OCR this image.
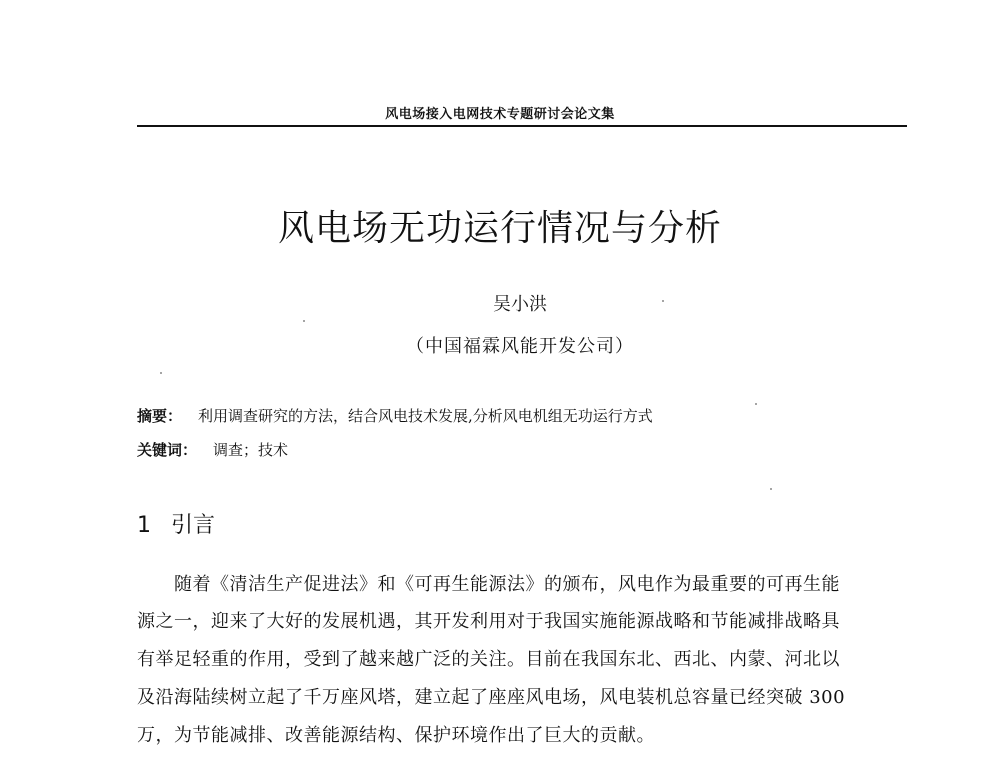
风电场接入电网技术专题研讨会论文集
风电场无功运行情况与分析
吴小洪
（中国福霖风能开发公司）
摘要： 利用调查研究的方法，结合风电技术发展,分析风电机组无功运行方式
关键词： 调查；技术
1 引言
随着《清洁生产促进法》和《可再生能源法》的颁布，风电作为最重要的可再生能
源之一，迎来了大好的发展机遇，其开发利用对于我国实施能源战略和节能减排战略具
有举足轻重的作用，受到了越来越广泛的关注。目前在我国东北、西北、内蒙、河北以
及沿海陆续树立起了千万座风塔，建立起了座座风电场，风电装机总容量已经突破 300
万，为节能减排、改善能源结构、保护环境作出了巨大的贡献。
